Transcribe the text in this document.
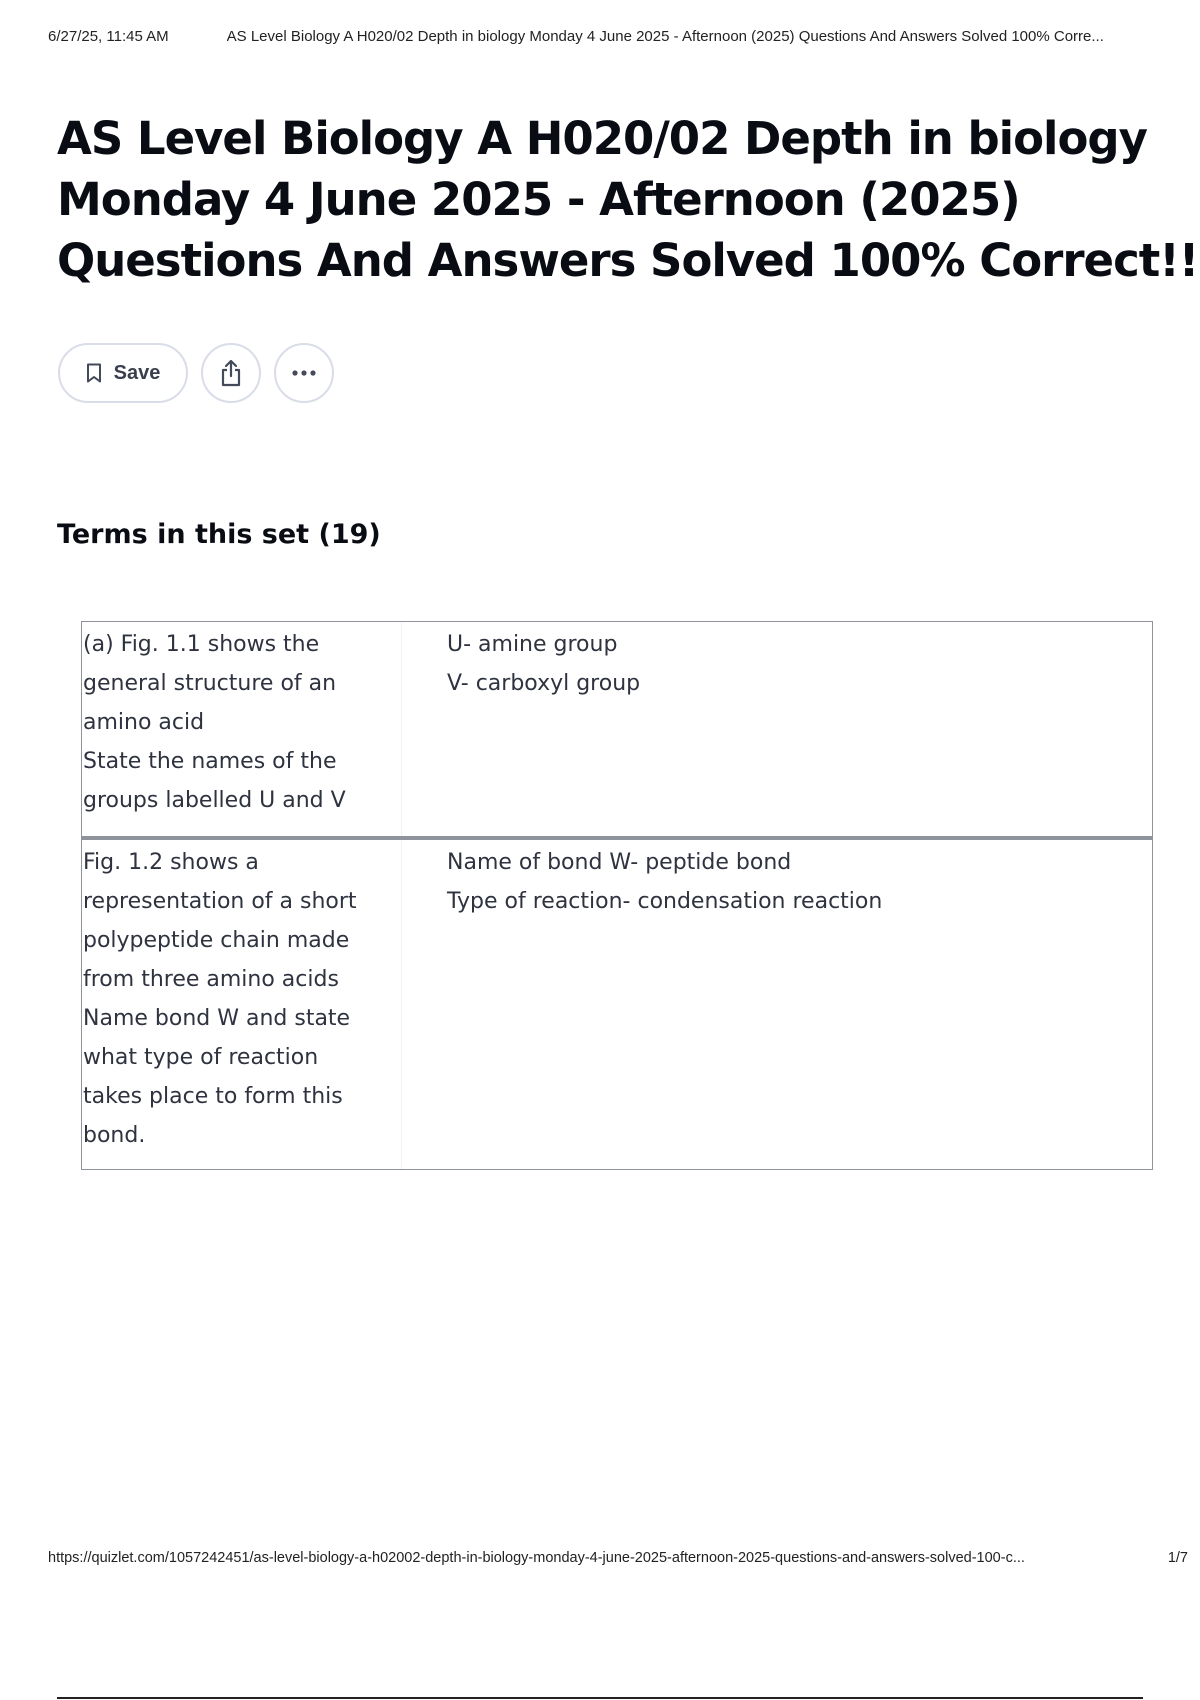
6/27/25, 11:45 AM	AS Level Biology A H020/02 Depth in biology Monday 4 June 2025 - Afternoon (2025) Questions And Answers Solved 100% Corre...
AS Level Biology A H020/02 Depth in biology
Monday 4 June 2025 - Afternoon (2025)
Questions And Answers Solved 100% Correct!!
Save
Terms in this set (19)
(a) Fig. 1.1 shows the
general structure of an
amino acid
State the names of the
groups labelled U and V
U- amine group
V- carboxyl group
Fig. 1.2 shows a
representation of a short
polypeptide chain made
from three amino acids
Name bond W and state
what type of reaction
takes place to form this
bond.
Name of bond W- peptide bond
Type of reaction- condensation reaction
https://quizlet.com/1057242451/as-level-biology-a-h02002-depth-in-biology-monday-4-june-2025-afternoon-2025-questions-and-answers-solved-100-c...	1/7
